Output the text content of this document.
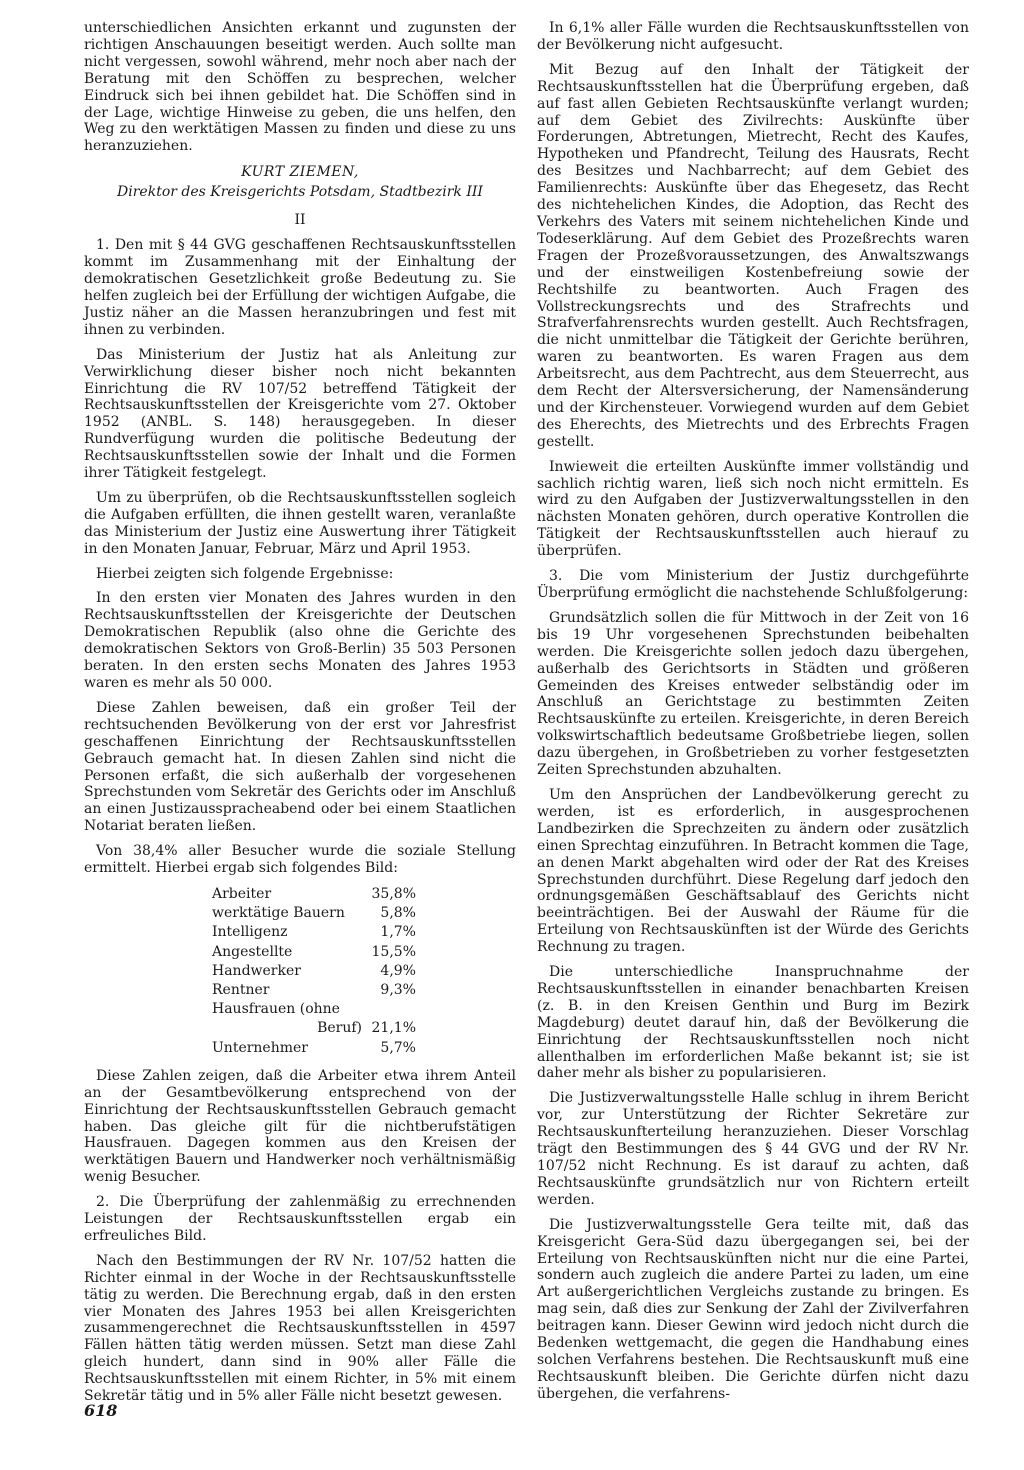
unterschiedlichen Ansichten erkannt und zugunsten der richtigen Anschauungen beseitigt werden. Auch sollte man nicht vergessen, sowohl während, mehr noch aber nach der Beratung mit den Schöffen zu besprechen, welcher Eindruck sich bei ihnen gebildet hat. Die Schöffen sind in der Lage, wichtige Hinweise zu geben, die uns helfen, den Weg zu den werktätigen Massen zu finden und diese zu uns heranzuziehen.

KURT ZIEMEN,
Direktor des Kreisgerichts Potsdam, Stadtbezirk III
II

1. Den mit § 44 GVG geschaffenen Rechtsauskunftsstellen kommt im Zusammenhang mit der Einhaltung der demokratischen Gesetzlichkeit große Bedeutung zu. Sie helfen zugleich bei der Erfüllung der wichtigen Aufgabe, die Justiz näher an die Massen heranzubringen und fest mit ihnen zu verbinden.

Das Ministerium der Justiz hat als Anleitung zur Verwirklichung dieser bisher noch nicht bekannten Einrichtung die RV 107/52 betreffend Tätigkeit der Rechtsauskunftsstellen der Kreisgerichte vom 27. Oktober 1952 (ANBL. S. 148) herausgegeben. In dieser Rundverfügung wurden die politische Bedeutung der Rechtsauskunftsstellen sowie der Inhalt und die Formen ihrer Tätigkeit festgelegt.

Um zu überprüfen, ob die Rechtsauskunftsstellen sogleich die Aufgaben erfüllten, die ihnen gestellt waren, veranlaßte das Ministerium der Justiz eine Auswertung ihrer Tätigkeit in den Monaten Januar, Februar, März und April 1953.

Hierbei zeigten sich folgende Ergebnisse:

In den ersten vier Monaten des Jahres wurden in den Rechtsauskunftsstellen der Kreisgerichte der Deutschen Demokratischen Republik (also ohne die Gerichte des demokratischen Sektors von Groß-Berlin) 35 503 Personen beraten. In den ersten sechs Monaten des Jahres 1953 waren es mehr als 50 000.

Diese Zahlen beweisen, daß ein großer Teil der rechtsuchenden Bevölkerung von der erst vor Jahresfrist geschaffenen Einrichtung der Rechtsauskunftsstellen Gebrauch gemacht hat. In diesen Zahlen sind nicht die Personen erfaßt, die sich außerhalb der vorgesehenen Sprechstunden vom Sekretär des Gerichts oder im Anschluß an einen Justizausspracheabend oder bei einem Staatlichen Notariat beraten ließen.

Von 38,4% aller Besucher wurde die soziale Stellung ermittelt. Hierbei ergab sich folgendes Bild:

Arbeiter	35,8%
werktätige Bauern	5,8%
Intelligenz	1,7%
Angestellte	15,5%
Handwerker	4,9%
Rentner	9,3%
Hausfrauen (ohne	
Beruf)	21,1%
Unternehmer	5,7%

Diese Zahlen zeigen, daß die Arbeiter etwa ihrem Anteil an der Gesamtbevölkerung entsprechend von der Einrichtung der Rechtsauskunftsstellen Gebrauch gemacht haben. Das gleiche gilt für die nichtberufstätigen Hausfrauen. Dagegen kommen aus den Kreisen der werktätigen Bauern und Handwerker noch verhältnismäßig wenig Besucher.

2. Die Überprüfung der zahlenmäßig zu errechnenden Leistungen der Rechtsauskunftsstellen ergab ein erfreuliches Bild.

Nach den Bestimmungen der RV Nr. 107/52 hatten die Richter einmal in der Woche in der Rechtsauskunftsstelle tätig zu werden. Die Berechnung ergab, daß in den ersten vier Monaten des Jahres 1953 bei allen Kreisgerichten zusammengerechnet die Rechtsauskunftsstellen in 4597 Fällen hätten tätig werden müssen. Setzt man diese Zahl gleich hundert, dann sind in 90% aller Fälle die Rechtsauskunftsstellen mit einem Richter, in 5% mit einem Sekretär tätig und in 5% aller Fälle nicht besetzt gewesen.

In 6,1% aller Fälle wurden die Rechtsauskunftsstellen von der Bevölkerung nicht aufgesucht.

Mit Bezug auf den Inhalt der Tätigkeit der Rechtsauskunftsstellen hat die Überprüfung ergeben, daß auf fast allen Gebieten Rechtsauskünfte verlangt wurden; auf dem Gebiet des Zivilrechts: Auskünfte über Forderungen, Abtretungen, Mietrecht, Recht des Kaufes, Hypotheken und Pfandrecht, Teilung des Hausrats, Recht des Besitzes und Nachbarrecht; auf dem Gebiet des Familienrechts: Auskünfte über das Ehegesetz, das Recht des nichtehelichen Kindes, die Adoption, das Recht des Verkehrs des Vaters mit seinem nichtehelichen Kinde und Todeserklärung. Auf dem Gebiet des Prozeßrechts waren Fragen der Prozeßvoraussetzungen, des Anwaltszwangs und der einstweiligen Kostenbefreiung sowie der Rechtshilfe zu beantworten. Auch Fragen des Vollstreckungsrechts und des Strafrechts und Strafverfahrensrechts wurden gestellt. Auch Rechtsfragen, die nicht unmittelbar die Tätigkeit der Gerichte berühren, waren zu beantworten. Es waren Fragen aus dem Arbeitsrecht, aus dem Pachtrecht, aus dem Steuerrecht, aus dem Recht der Altersversicherung, der Namensänderung und der Kirchensteuer. Vorwiegend wurden auf dem Gebiet des Eherechts, des Mietrechts und des Erbrechts Fragen gestellt.

Inwieweit die erteilten Auskünfte immer vollständig und sachlich richtig waren, ließ sich noch nicht ermitteln. Es wird zu den Aufgaben der Justizverwaltungsstellen in den nächsten Monaten gehören, durch operative Kontrollen die Tätigkeit der Rechtsauskunftsstellen auch hierauf zu überprüfen.

3. Die vom Ministerium der Justiz durchgeführte Überprüfung ermöglicht die nachstehende Schlußfolgerung:

Grundsätzlich sollen die für Mittwoch in der Zeit von 16 bis 19 Uhr vorgesehenen Sprechstunden beibehalten werden. Die Kreisgerichte sollen jedoch dazu übergehen, außerhalb des Gerichtsorts in Städten und größeren Gemeinden des Kreises entweder selbständig oder im Anschluß an Gerichtstage zu bestimmten Zeiten Rechtsauskünfte zu erteilen. Kreisgerichte, in deren Bereich volkswirtschaftlich bedeutsame Großbetriebe liegen, sollen dazu übergehen, in Großbetrieben zu vorher festgesetzten Zeiten Sprechstunden abzuhalten.

Um den Ansprüchen der Landbevölkerung gerecht zu werden, ist es erforderlich, in ausgesprochenen Landbezirken die Sprechzeiten zu ändern oder zusätzlich einen Sprechtag einzuführen. In Betracht kommen die Tage, an denen Markt abgehalten wird oder der Rat des Kreises Sprechstunden durchführt. Diese Regelung darf jedoch den ordnungsgemäßen Geschäftsablauf des Gerichts nicht beeinträchtigen. Bei der Auswahl der Räume für die Erteilung von Rechtsauskünften ist der Würde des Gerichts Rechnung zu tragen.

Die unterschiedliche Inanspruchnahme der Rechtsauskunftsstellen in einander benachbarten Kreisen (z. B. in den Kreisen Genthin und Burg im Bezirk Magdeburg) deutet darauf hin, daß der Bevölkerung die Einrichtung der Rechtsauskunftsstellen noch nicht allenthalben im erforderlichen Maße bekannt ist; sie ist daher mehr als bisher zu popularisieren.

Die Justizverwaltungsstelle Halle schlug in ihrem Bericht vor, zur Unterstützung der Richter Sekretäre zur Rechtsauskunfterteilung heranzuziehen. Dieser Vorschlag trägt den Bestimmungen des § 44 GVG und der RV Nr. 107/52 nicht Rechnung. Es ist darauf zu achten, daß Rechtsauskünfte grundsätzlich nur von Richtern erteilt werden.

Die Justizverwaltungsstelle Gera teilte mit, daß das Kreisgericht Gera-Süd dazu übergegangen sei, bei der Erteilung von Rechtsauskünften nicht nur die eine Partei, sondern auch zugleich die andere Partei zu laden, um eine Art außergerichtlichen Vergleichs zustande zu bringen. Es mag sein, daß dies zur Senkung der Zahl der Zivilverfahren beitragen kann. Dieser Gewinn wird jedoch nicht durch die Bedenken wettgemacht, die gegen die Handhabung eines solchen Verfahrens bestehen. Die Rechtsauskunft muß eine Rechtsauskunft bleiben. Die Gerichte dürfen nicht dazu übergehen, die verfahrens-

618
